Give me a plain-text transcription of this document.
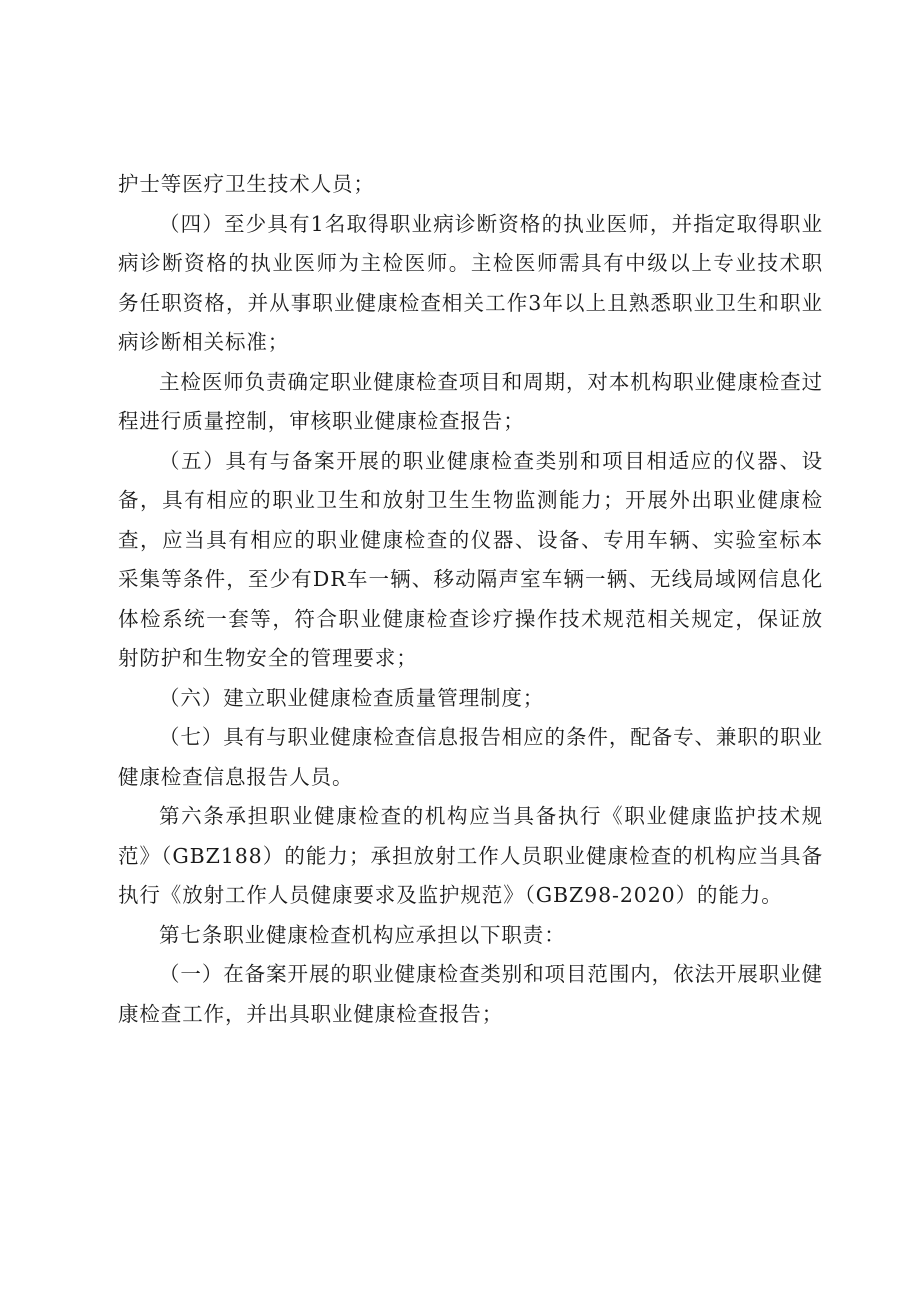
护士等医疗卫生技术人员；

（四）至少具有1名取得职业病诊断资格的执业医师，并指定取得职业病诊断资格的执业医师为主检医师。主检医师需具有中级以上专业技术职务任职资格，并从事职业健康检查相关工作3年以上且熟悉职业卫生和职业病诊断相关标准；

主检医师负责确定职业健康检查项目和周期，对本机构职业健康检查过程进行质量控制，审核职业健康检查报告；

（五）具有与备案开展的职业健康检查类别和项目相适应的仪器、设备，具有相应的职业卫生和放射卫生生物监测能力；开展外出职业健康检查，应当具有相应的职业健康检查的仪器、设备、专用车辆、实验室标本采集等条件，至少有DR车一辆、移动隔声室车辆一辆、无线局域网信息化体检系统一套等，符合职业健康检查诊疗操作技术规范相关规定，保证放射防护和生物安全的管理要求；

（六）建立职业健康检查质量管理制度；

（七）具有与职业健康检查信息报告相应的条件，配备专、兼职的职业健康检查信息报告人员。

第六条承担职业健康检查的机构应当具备执行《职业健康监护技术规范》（GBZ188）的能力；承担放射工作人员职业健康检查的机构应当具备执行《放射工作人员健康要求及监护规范》（GBZ98-2020）的能力。

第七条职业健康检查机构应承担以下职责：

（一）在备案开展的职业健康检查类别和项目范围内，依法开展职业健康检查工作，并出具职业健康检查报告；
